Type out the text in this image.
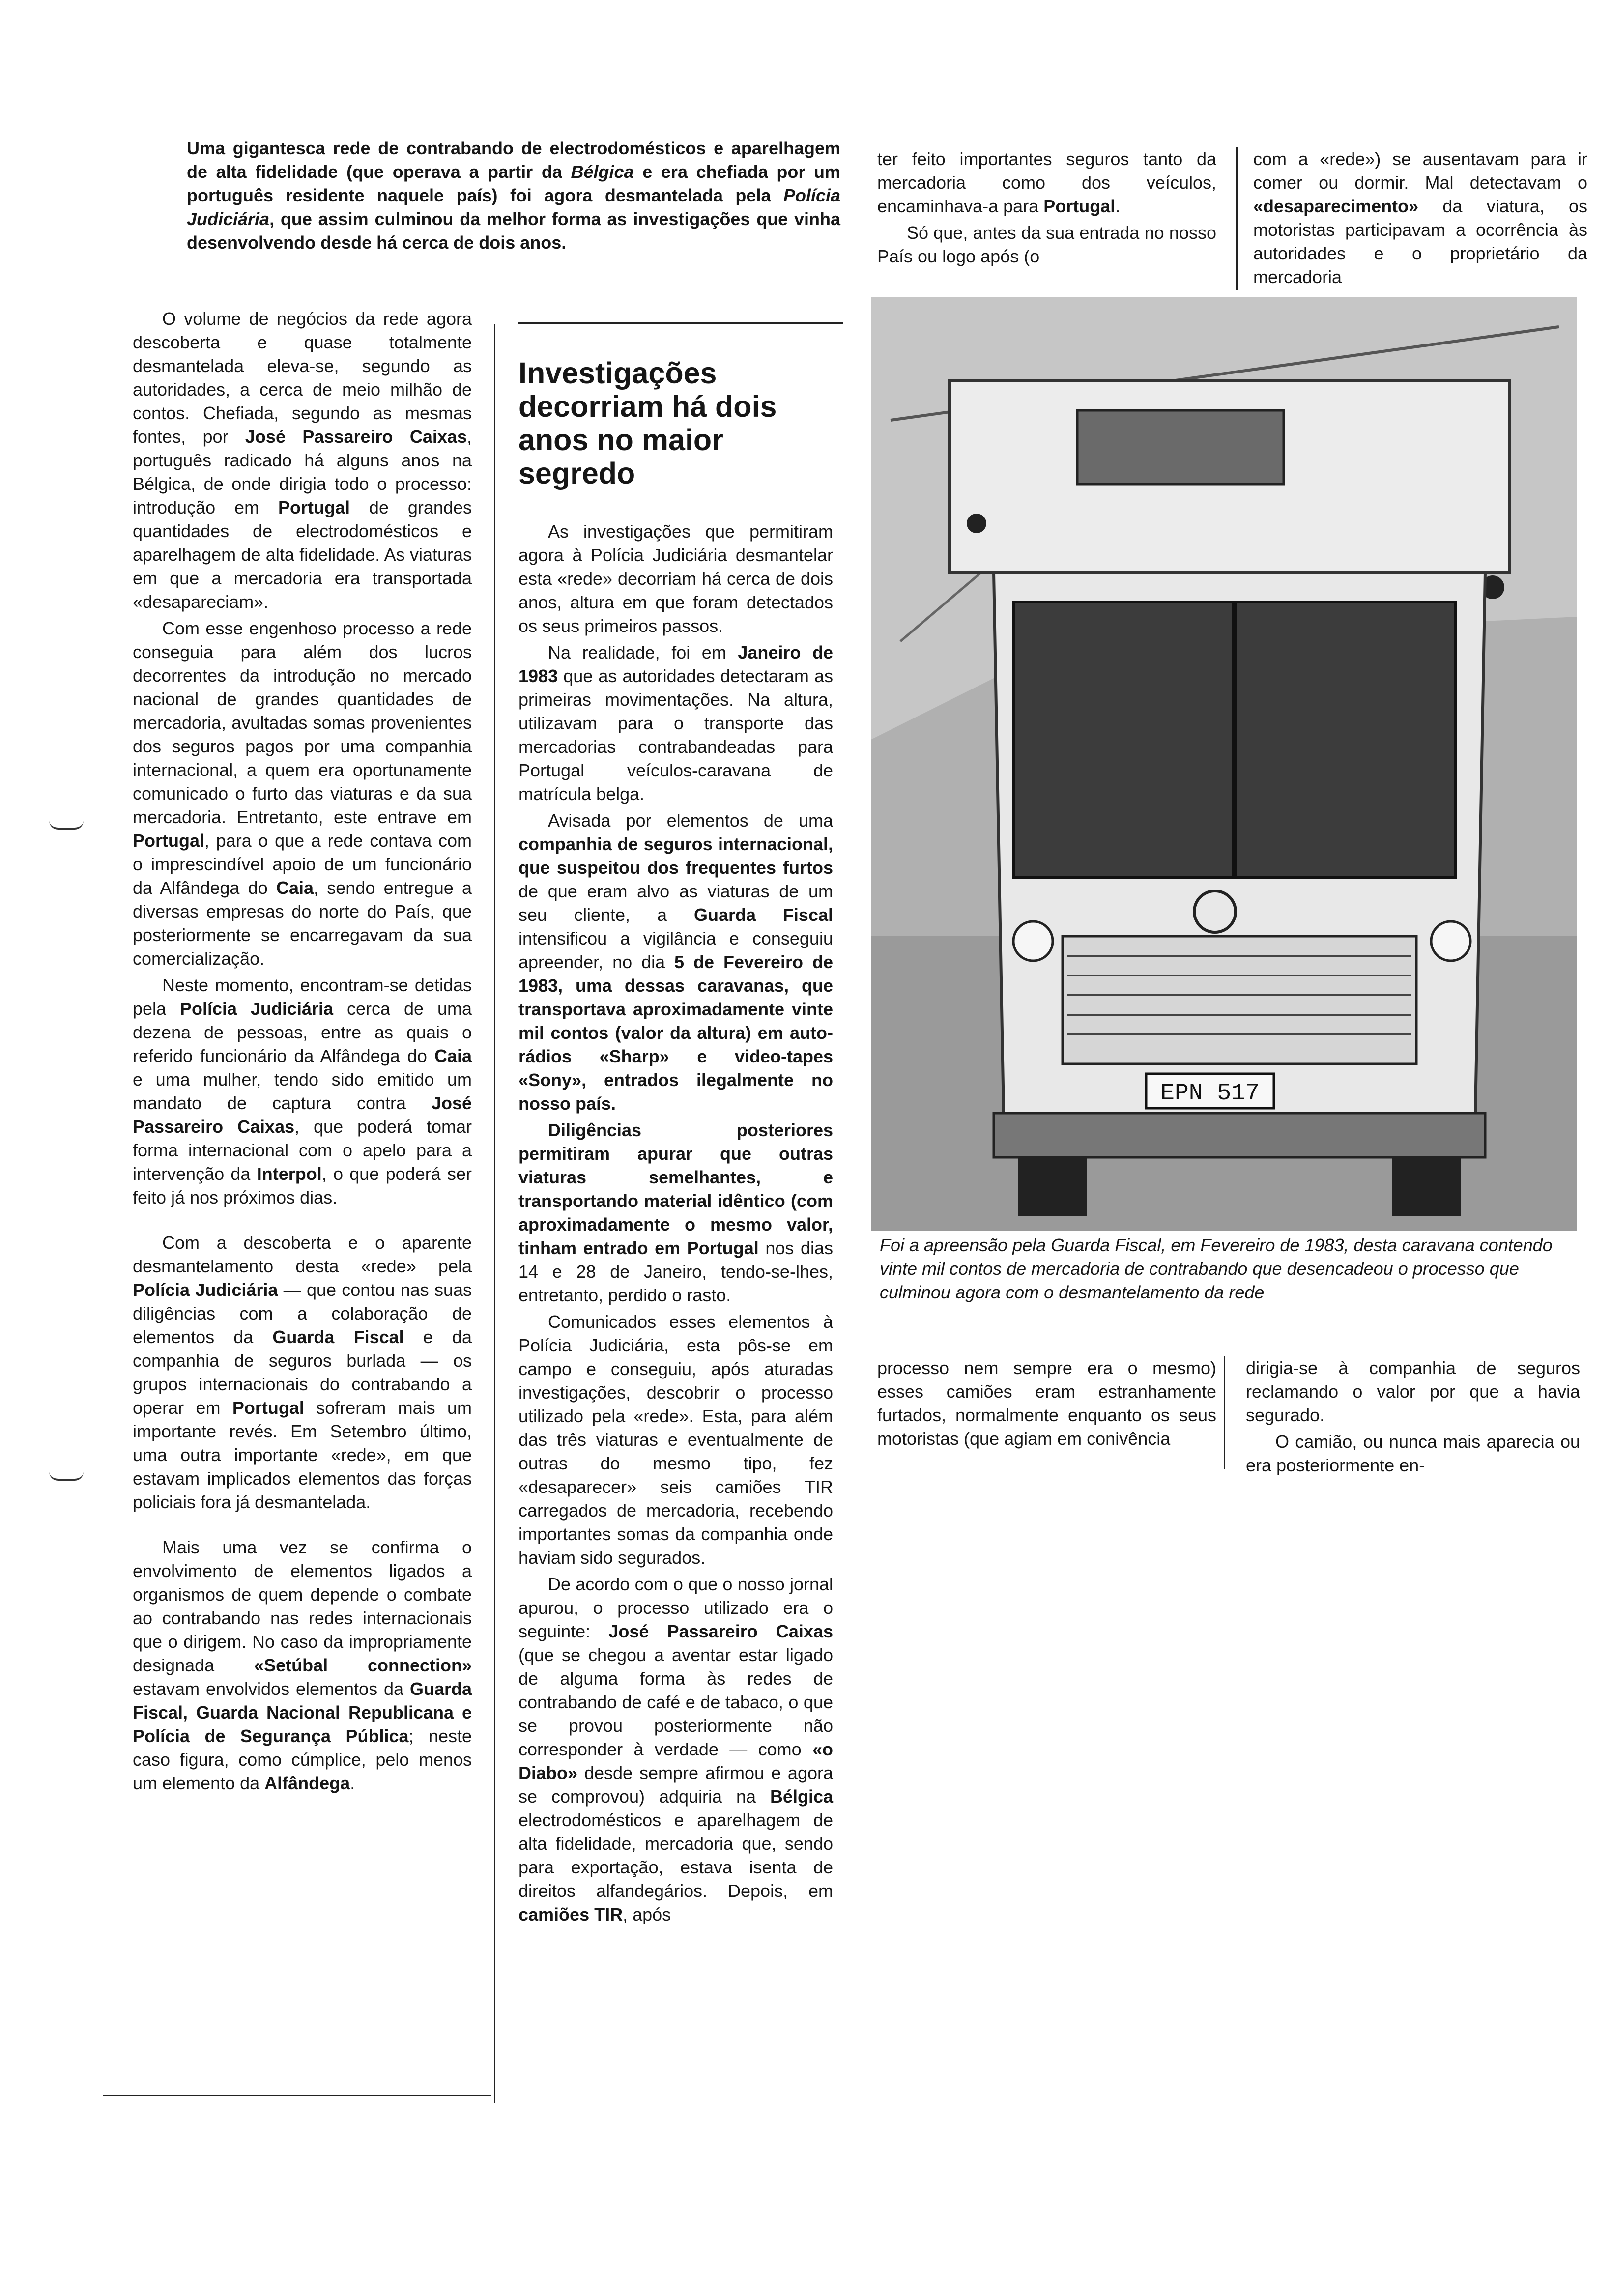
Uma gigantesca rede de contrabando de electrodomésticos e aparelhagem de alta fidelidade (que operava a partir da Bélgica e era chefiada por um português residente naquele país) foi agora desmantelada pela Polícia Judiciária, que assim culminou da melhor forma as investigações que vinha desenvolvendo desde há cerca de dois anos.

O volume de negócios da rede agora descoberta e quase totalmente desmantelada eleva-se, segundo as autoridades, a cerca de meio milhão de contos. Chefiada, segundo as mesmas fontes, por José Passareiro Caixas, português radicado há alguns anos na Bélgica, de onde dirigia todo o processo: introdução em Portugal de grandes quantidades de electrodomésticos e aparelhagem de alta fidelidade. As viaturas em que a mercadoria era transportada «desapareciam».

Com esse engenhoso processo a rede conseguia para além dos lucros decorrentes da introdução no mercado nacional de grandes quantidades de mercadoria, avultadas somas provenientes dos seguros pagos por uma companhia internacional, a quem era oportunamente comunicado o furto das viaturas e da sua mercadoria. Entretanto, este entrave em Portugal, para o que a rede contava com o imprescindível apoio de um funcionário da Alfândega do Caia, sendo entregue a diversas empresas do norte do País, que posteriormente se encarregavam da sua comercialização.

Neste momento, encontram-se detidas pela Polícia Judiciária cerca de uma dezena de pessoas, entre as quais o referido funcionário da Alfândega do Caia e uma mulher, tendo sido emitido um mandato de captura contra José Passareiro Caixas, que poderá tomar forma internacional com o apelo para a intervenção da Interpol, o que poderá ser feito já nos próximos dias.

Com a descoberta e o aparente desmantelamento desta «rede» pela Polícia Judiciária — que contou nas suas diligências com a colaboração de elementos da Guarda Fiscal e da companhia de seguros burlada — os grupos internacionais do contrabando a operar em Portugal sofreram mais um importante revés. Em Setembro último, uma outra importante «rede», em que estavam implicados elementos das forças policiais fora já desmantelada.

Mais uma vez se confirma o envolvimento de elementos ligados a organismos de quem depende o combate ao contrabando nas redes internacionais que o dirigem. No caso da impropriamente designada «Setúbal connection» estavam envolvidos elementos da Guarda Fiscal, Guarda Nacional Republicana e Polícia de Segurança Pública; neste caso figura, como cúmplice, pelo menos um elemento da Alfândega.

Investigações decorriam há dois anos no maior segredo

As investigações que permitiram agora à Polícia Judiciária desmantelar esta «rede» decorriam há cerca de dois anos, altura em que foram detectados os seus primeiros passos.

Na realidade, foi em Janeiro de 1983 que as autoridades detectaram as primeiras movimentações. Na altura, utilizavam para o transporte das mercadorias contrabandeadas para Portugal veículos-caravana de matrícula belga.

Avisada por elementos de uma companhia de seguros internacional, que suspeitou dos frequentes furtos de que eram alvo as viaturas de um seu cliente, a Guarda Fiscal intensificou a vigilância e conseguiu apreender, no dia 5 de Fevereiro de 1983, uma dessas caravanas, que transportava aproximadamente vinte mil contos (valor da altura) em auto-rádios «Sharp» e video-tapes «Sony», entrados ilegalmente no nosso país.

Diligências posteriores permitiram apurar que outras viaturas semelhantes, e transportando material idêntico (com aproximadamente o mesmo valor, tinham entrado em Portugal nos dias 14 e 28 de Janeiro, tendo-se-lhes, entretanto, perdido o rasto.

Comunicados esses elementos à Polícia Judiciária, esta pôs-se em campo e conseguiu, após aturadas investigações, descobrir o processo utilizado pela «rede». Esta, para além das três viaturas e eventualmente de outras do mesmo tipo, fez «desaparecer» seis camiões TIR carregados de mercadoria, recebendo importantes somas da companhia onde haviam sido segurados.

De acordo com o que o nosso jornal apurou, o processo utilizado era o seguinte: José Passareiro Caixas (que se chegou a aventar estar ligado de alguma forma às redes de contrabando de café e de tabaco, o que se provou posteriormente não corresponder à verdade — como «o Diabo» desde sempre afirmou e agora se comprovou) adquiria na Bélgica electrodomésticos e aparelhagem de alta fidelidade, mercadoria que, sendo para exportação, estava isenta de direitos alfandegários. Depois, em camiões TIR, após

ter feito importantes seguros tanto da mercadoria como dos veículos, encaminhava-a para Portugal.

Só que, antes da sua entrada no nosso País ou logo após (o

com a «rede») se ausentavam para ir comer ou dormir. Mal detectavam o «desaparecimento» da viatura, os motoristas participavam a ocorrência às autoridades e o proprietário da mercadoria

EPN 517
Foi a apreensão pela Guarda Fiscal, em Fevereiro de 1983, desta caravana contendo vinte mil contos de mercadoria de contrabando que desencadeou o processo que culminou agora com o desmantelamento da rede

processo nem sempre era o mesmo) esses camiões eram estranhamente furtados, normalmente enquanto os seus motoristas (que agiam em conivência

dirigia-se à companhia de seguros reclamando o valor por que a havia segurado.

O camião, ou nunca mais aparecia ou era posteriormente en-
